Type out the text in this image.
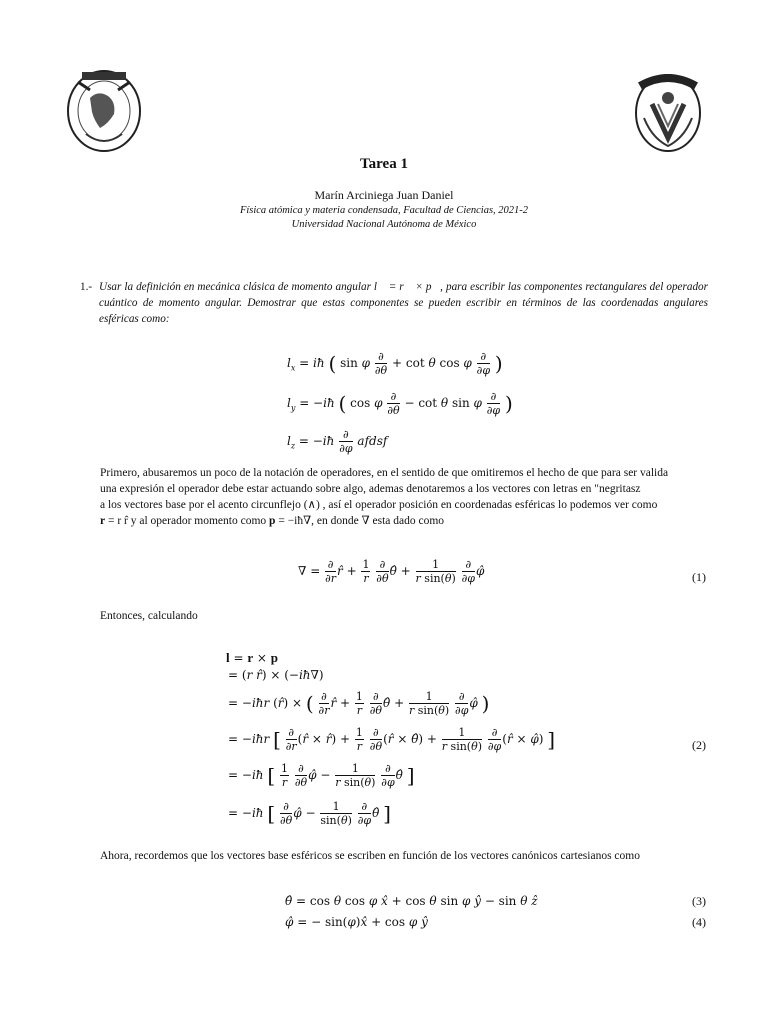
Tarea 1
Marín Arciniega Juan Daniel
Física atómica y materia condensada, Facultad de Ciencias, 2021-2
Universidad Nacional Autónoma de México
1.- Usar la definición en mecánica clásica de momento angular l⃗ = r⃗ × p⃗, para escribir las componentes rectangulares del operador cuántico de momento angular. Demostrar que estas componentes se pueden escribir en términos de las coordenadas angulares esféricas como:
$l_x$ = iħ ( sin φ $\frac{\partial}{\partial\theta} + \cot \theta$ cos φ $\frac{\partial}{\partial\varphi}$ )
$l_y$ = −iħ ( cos φ $\frac{\partial}{\partial\theta} - \cot \theta$ sin φ $\frac{\partial}{\partial\varphi}$ )
$l_z$ = −iħ $\frac{\partial}{\partial\varphi}$ afdsf
Primero, abusaremos un poco de la notación de operadores, en el sentido de que omitiremos el hecho de que para ser valida
una expresión el operador debe estar actuando sobre algo, ademas denotaremos a los vectores con letras en "negritasz
a los vectores base por el acento circunflejo (∧) , así el operador posición en coordenadas esféricas lo podemos ver como
r = r r̂ y al operador momento como p = −iħ∇, en donde ∇ esta dado como
∇ = $\frac{\partial}{\partial r}$ r̂ + $\frac{1}{r}$
$\frac{\partial}{\partial\theta}$ θ̂ + $\frac{1}{\text{r sin(θ)}}$
$\frac{\partial}{\partial\varphi}$ φ̂	(1)
Entonces, calculando
l = r × p
= (r r̂) × (−iħ∇)
= −iħr (r̂) × ( $\frac{\partial}{\partial r}$ r̂ + $\frac{1}{r}$
$\frac{\partial}{\partial\theta}$ θ̂ + $\frac{1}{\text{r sin(θ)}}$
$\frac{\partial}{\partial\varphi}$ φ̂ )
= −iħr [ $\frac{\partial}{\partial r}$ (r̂ × r̂) + $\frac{1}{r}$
$\frac{\partial}{\partial\theta}$ (r̂ × θ̂) + $\frac{1}{\text{r sin(θ)}}$
$\frac{\partial}{\partial\varphi}$ (r̂ × φ̂) ]	(2)
= −iħ [ $\frac{1}{r}$
$\frac{\partial}{\partial\theta}$ φ̂ − $\frac{1}{\text{r sin(θ)}}$
$\frac{\partial}{\partial\varphi}$ θ̂ ]
= −iħ [ $\frac{\partial}{\partial\theta}$ φ̂ − $\frac{1}{\sin(\theta)}$
$\frac{\partial}{\partial\varphi}$ θ̂ ]
Ahora, recordemos que los vectores base esféricos se escriben en función de los vectores canónicos cartesianos como
θ̂ = cos θ cos φ x̂ + cos θ sin φ ŷ − sin θ ẑ	(3)
φ̂ = − sin(φ)x̂ + cos φ ŷ	(4)
